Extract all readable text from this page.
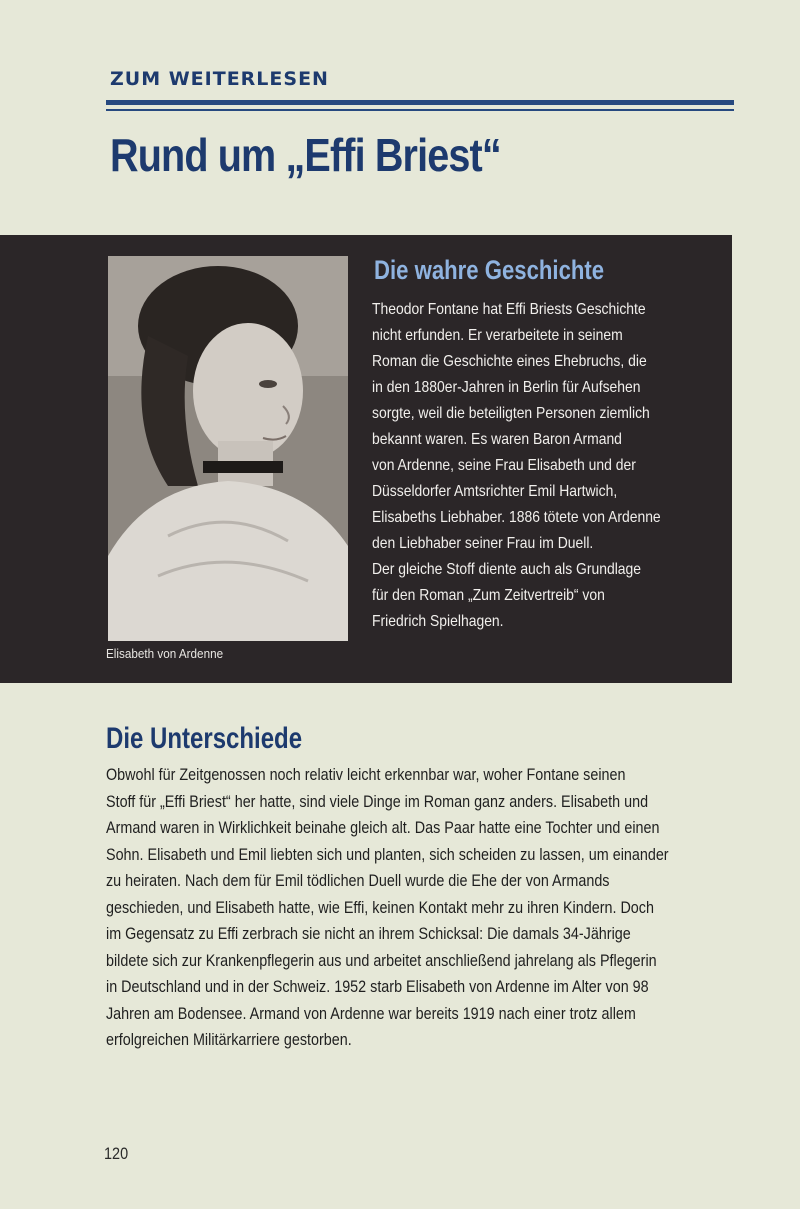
ZUM WEITERLESEN
Rund um „Effi Briest“
Elisabeth von Ardenne
Die wahre Geschichte
Theodor Fontane hat Effi Briests Geschichte
nicht erfunden. Er verarbeitete in seinem
Roman die Geschichte eines Ehebruchs, die
in den 1880er-Jahren in Berlin für Aufsehen
sorgte, weil die beteiligten Personen ziemlich
bekannt waren. Es waren Baron Armand
von Ardenne, seine Frau Elisabeth und der
Düsseldorfer Amtsrichter Emil Hartwich,
Elisabeths Liebhaber. 1886 tötete von Ardenne
den Liebhaber seiner Frau im Duell.
Der gleiche Stoff diente auch als Grundlage
für den Roman „Zum Zeitvertreib“ von
Friedrich Spielhagen.
Die Unterschiede
Obwohl für Zeitgenossen noch relativ leicht erkennbar war, woher Fontane seinen
Stoff für „Effi Briest“ her hatte, sind viele Dinge im Roman ganz anders. Elisabeth und
Armand waren in Wirklichkeit beinahe gleich alt. Das Paar hatte eine Tochter und einen
Sohn. Elisabeth und Emil liebten sich und planten, sich scheiden zu lassen, um einander
zu heiraten. Nach dem für Emil tödlichen Duell wurde die Ehe der von Armands
geschieden, und Elisabeth hatte, wie Effi, keinen Kontakt mehr zu ihren Kindern. Doch
im Gegensatz zu Effi zerbrach sie nicht an ihrem Schicksal: Die damals 34-Jährige
bildete sich zur Krankenpflegerin aus und arbeitet anschließend jahrelang als Pflegerin
in Deutschland und in der Schweiz. 1952 starb Elisabeth von Ardenne im Alter von 98
Jahren am Bodensee. Armand von Ardenne war bereits 1919 nach einer trotz allem
erfolgreichen Militärkarriere gestorben.
120
